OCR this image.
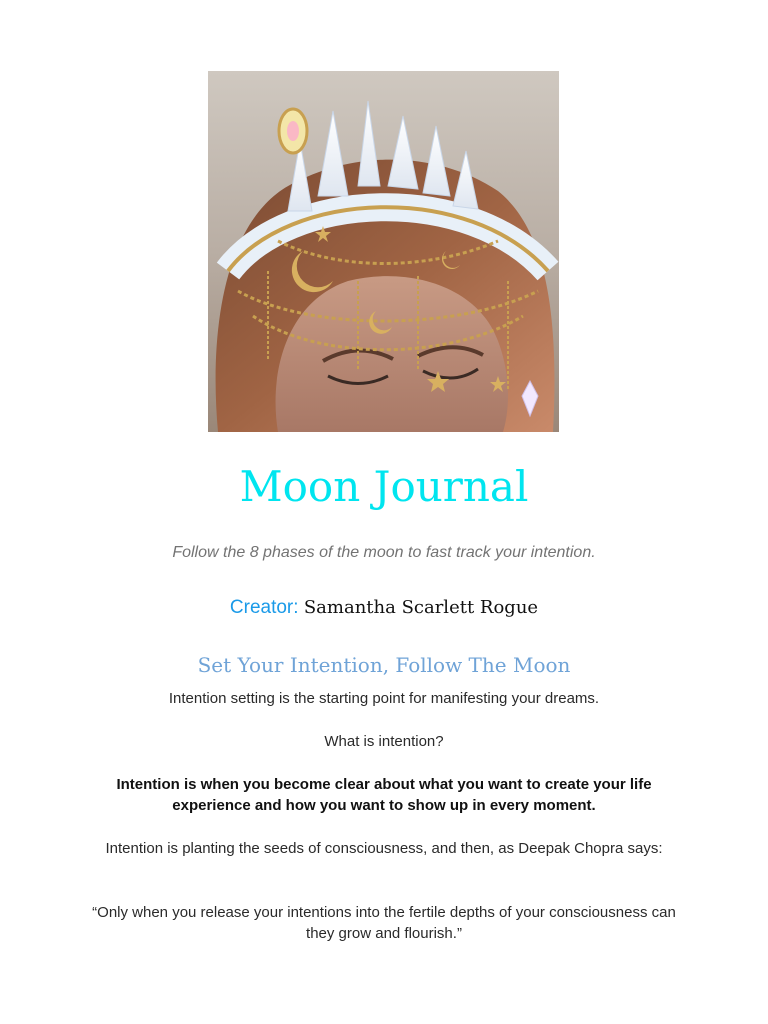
Moon Journal
Follow the 8 phases of the moon to fast track your intention.
Creator: Samantha Scarlett Rogue
Set Your Intention, Follow The Moon
Intention setting is the starting point for manifesting your dreams.
What is intention?
Intention is when you become clear about what you want to create your life experience and how you want to show up in every moment.
Intention is planting the seeds of consciousness, and then, as Deepak Chopra says:
“Only when you release your intentions into the fertile depths of your consciousness can they grow and flourish.”
